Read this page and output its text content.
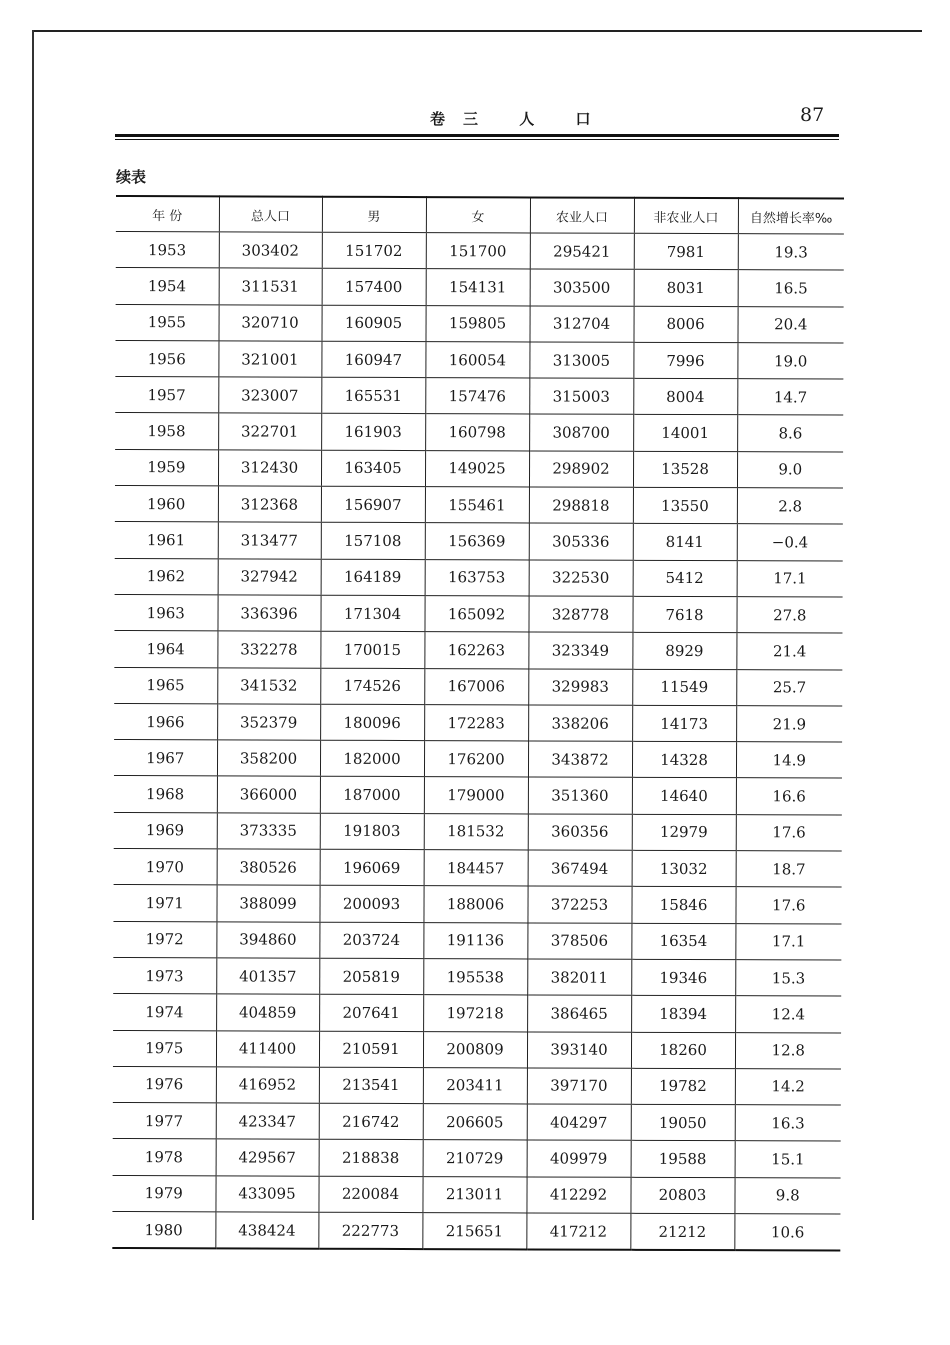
卷三 人 口	87
续表
年 份	总人口	男	女	农业人口	非农业人口	自然增长率‰
1953	303402	151702	151700	295421	7981	19.3
1954	311531	157400	154131	303500	8031	16.5
1955	320710	160905	159805	312704	8006	20.4
1956	321001	160947	160054	313005	7996	19.0
1957	323007	165531	157476	315003	8004	14.7
1958	322701	161903	160798	308700	14001	8.6
1959	312430	163405	149025	298902	13528	9.0
1960	312368	156907	155461	298818	13550	2.8
1961	313477	157108	156369	305336	8141	−0.4
1962	327942	164189	163753	322530	5412	17.1
1963	336396	171304	165092	328778	7618	27.8
1964	332278	170015	162263	323349	8929	21.4
1965	341532	174526	167006	329983	11549	25.7
1966	352379	180096	172283	338206	14173	21.9
1967	358200	182000	176200	343872	14328	14.9
1968	366000	187000	179000	351360	14640	16.6
1969	373335	191803	181532	360356	12979	17.6
1970	380526	196069	184457	367494	13032	18.7
1971	388099	200093	188006	372253	15846	17.6
1972	394860	203724	191136	378506	16354	17.1
1973	401357	205819	195538	382011	19346	15.3
1974	404859	207641	197218	386465	18394	12.4
1975	411400	210591	200809	393140	18260	12.8
1976	416952	213541	203411	397170	19782	14.2
1977	423347	216742	206605	404297	19050	16.3
1978	429567	218838	210729	409979	19588	15.1
1979	433095	220084	213011	412292	20803	9.8
1980	438424	222773	215651	417212	21212	10.6
